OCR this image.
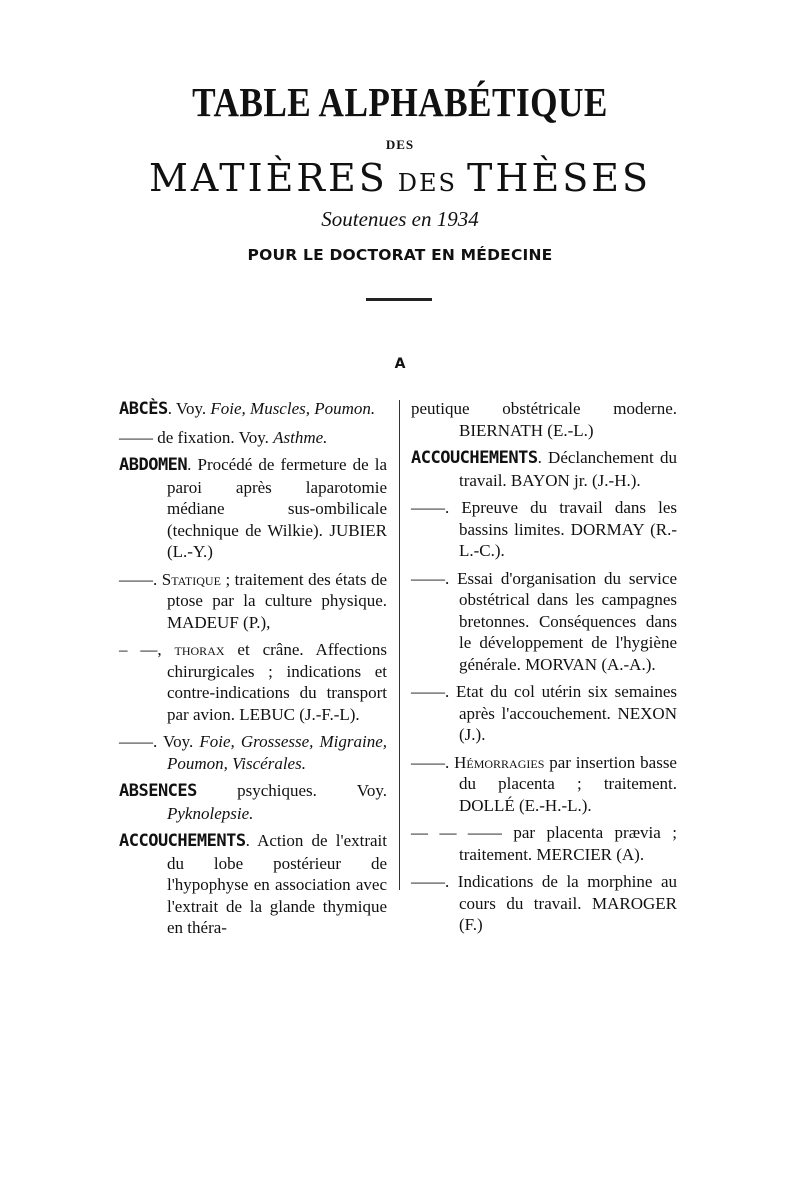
TABLE ALPHABÉTIQUE
DES
MATIÈRES DES THÈSES
Soutenues en 1934
POUR LE DOCTORAT EN MÉDECINE
A

ABCÈS. Voy. Foie, Muscles, Poumon.

—— de fixation. Voy. Asthme.

ABDOMEN. Procédé de fermeture de la paroi après laparotomie médiane sus-ombilicale (technique de Wilkie). JUBIER (L.-Y.)

——. Statique ; traitement des états de ptose par la culture physique. MADEUF (P.),

– —, thorax et crâne. Affections chirurgicales ; indications et contre-indications du transport par avion. LEBUC (J.-F.-L).

——. Voy. Foie, Grossesse, Migraine, Poumon, Viscérales.

ABSENCES psychiques. Voy. Pyknolepsie.

ACCOUCHEMENTS. Action de l'extrait du lobe postérieur de l'hypophyse en association avec l'extrait de la glande thymique en théra-

peutique obstétricale moderne. BIERNATH (E.-L.)

ACCOUCHEMENTS. Déclanchement du travail. BAYON jr. (J.-H.).

——. Epreuve du travail dans les bassins limites. DORMAY (R.-L.-C.).

——. Essai d'organisation du service obstétrical dans les campagnes bretonnes. Conséquences dans le développement de l'hygiène générale. MORVAN (A.-A.).

——. Etat du col utérin six semaines après l'accouchement. NEXON (J.).

——. Hémorragies par insertion basse du placenta ; traitement. DOLLÉ (E.-H.-L.).

— — —— par placenta prævia ; traitement. MERCIER (A).

——. Indications de la morphine au cours du travail. MAROGER (F.)
